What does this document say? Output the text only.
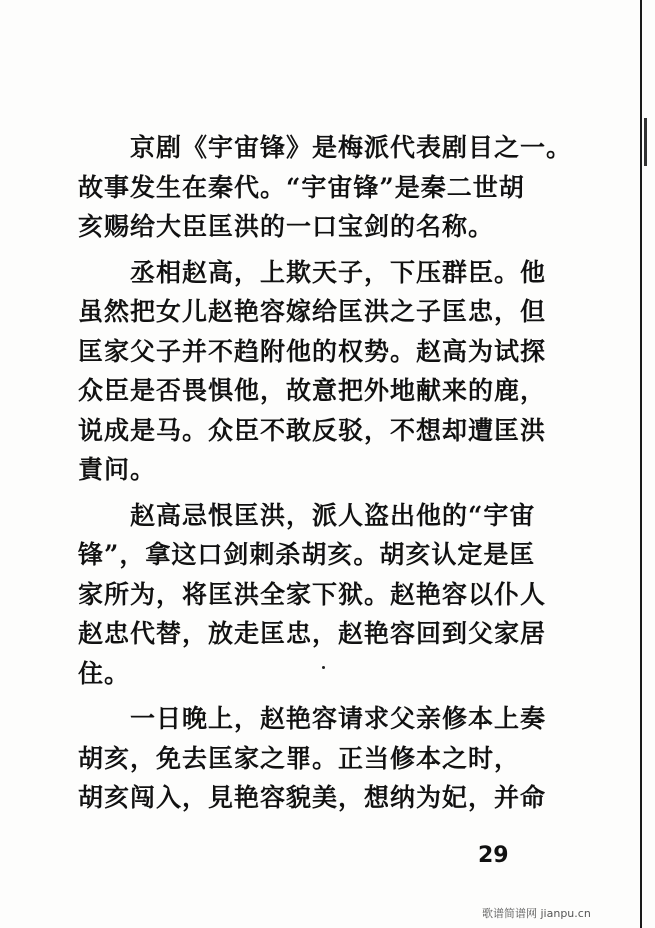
京剧《宇宙锋》是梅派代表剧目之一。
故事发生在秦代。“宇宙锋”是秦二世胡
亥赐给大臣匡洪的一口宝剑的名称。
丞相赵高，上欺天子，下压群臣。他
虽然把女儿赵艳容嫁给匡洪之子匡忠，但
匡家父子并不趋附他的权势。赵高为试探
众臣是否畏惧他，故意把外地献来的鹿，
说成是马。众臣不敢反驳，不想却遭匡洪
責问。
赵高忌恨匡洪，派人盗出他的“宇宙
锋”，拿这口剑刺杀胡亥。胡亥认定是匡
家所为，将匡洪全家下狱。赵艳容以仆人
赵忠代替，放走匡忠，赵艳容回到父家居
住。
一日晚上，赵艳容请求父亲修本上奏
胡亥，免去匡家之罪。正当修本之时，
胡亥闯入，見艳容貌美，想纳为妃，并命
29
歌谱简谱网 jianpu.cn
